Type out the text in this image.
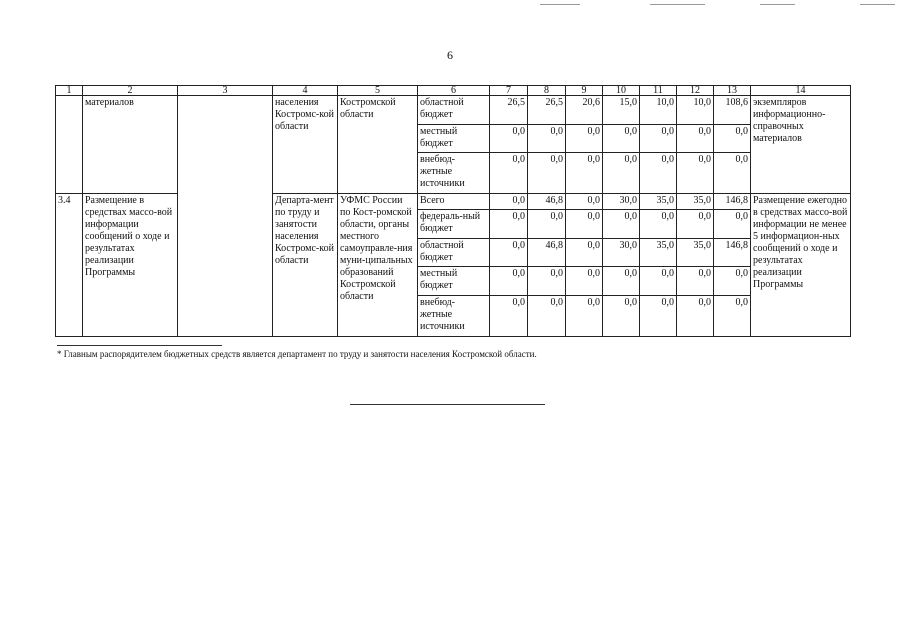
6
1	2	3	4	5	6	7	8	9	10	11	12	13	14
	материалов		населения Костромс-кой области	Костромской области	областной бюджет	26,5	26,5	20,6	15,0	10,0	10,0	108,6	экземпляров информационно-справочных материалов
					местный бюджет	0,0	0,0	0,0	0,0	0,0	0,0	0,0	
					внебюд-жетные источники	0,0	0,0	0,0	0,0	0,0	0,0	0,0	
3.4	Размещение в средствах массо-вой информации сообщений о ходе и результатах реализации Программы		Департа-мент по труду и занятости населения Костромс-кой области	УФМС России по Кост-ромской области, органы местного самоуправле-ния муни-ципальных образований Костромской области	Всего	0,0	46,8	0,0	30,0	35,0	35,0	146,8	Размещение ежегодно в средствах массо-вой информации не менее 5 информацион-ных сообщений о ходе и результатах реализации Программы
					федераль-ный бюджет	0,0	0,0	0,0	0,0	0,0	0,0	0,0	
					областной бюджет	0,0	46,8	0,0	30,0	35,0	35,0	146,8	
					местный бюджет	0,0	0,0	0,0	0,0	0,0	0,0	0,0	
					внебюд-жетные источники	0,0	0,0	0,0	0,0	0,0	0,0	0,0	
* Главным распорядителем бюджетных средств является департамент по труду и занятости населения Костромской области.
